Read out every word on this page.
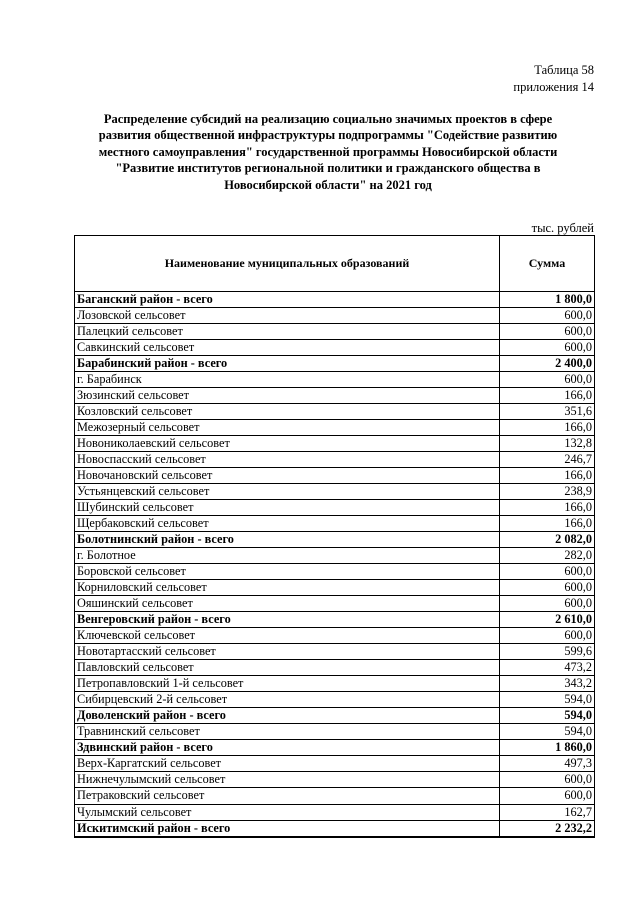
Таблица 58
приложения 14
Распределение субсидий на реализацию социально значимых проектов в сфере развития общественной инфраструктуры подпрограммы "Содействие развитию местного самоуправления" государственной программы Новосибирской области "Развитие институтов региональной политики и гражданского общества в Новосибирской области" на 2021 год
тыс. рублей
Наименование муниципальных образований	Сумма
Баганский район - всего	1 800,0
Лозовской сельсовет	600,0
Палецкий сельсовет	600,0
Савкинский сельсовет	600,0
Барабинский район - всего	2 400,0
г. Барабинск	600,0
Зюзинский сельсовет	166,0
Козловский сельсовет	351,6
Межозерный сельсовет	166,0
Новониколаевский сельсовет	132,8
Новоспасский сельсовет	246,7
Новочановский сельсовет	166,0
Устьянцевский сельсовет	238,9
Шубинский сельсовет	166,0
Щербаковский сельсовет	166,0
Болотнинский район - всего	2 082,0
г. Болотное	282,0
Боровской сельсовет	600,0
Корниловский сельсовет	600,0
Ояшинский сельсовет	600,0
Венгеровский район - всего	2 610,0
Ключевской сельсовет	600,0
Новотартасский сельсовет	599,6
Павловский сельсовет	473,2
Петропавловский 1-й сельсовет	343,2
Сибирцевский 2-й сельсовет	594,0
Доволенский район - всего	594,0
Травнинский сельсовет	594,0
Здвинский район - всего	1 860,0
Верх-Каргатский сельсовет	497,3
Нижнечулымский сельсовет	600,0
Петраковский сельсовет	600,0
Чулымский сельсовет	162,7
Искитимский район - всего	2 232,2
